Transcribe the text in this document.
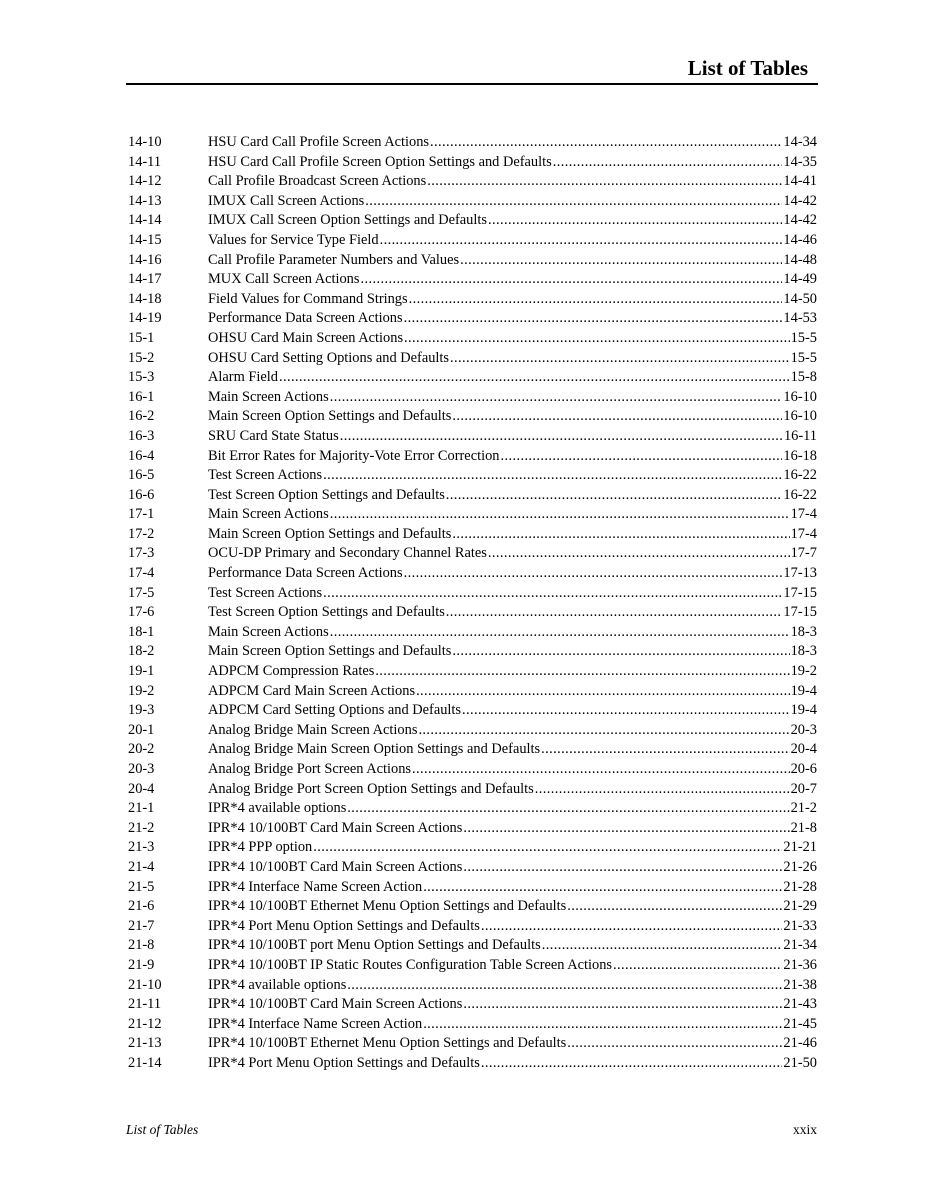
List of Tables
14-10	HSU Card Call Profile Screen Actions . . .	14-34
14-11	HSU Card Call Profile Screen Option Settings and Defaults . . .	14-35
14-12	Call Profile Broadcast Screen Actions . . .	14-41
14-13	IMUX Call Screen Actions . . .	14-42
14-14	IMUX Call Screen Option Settings and Defaults . . .	14-42
14-15	Values for Service Type Field . . .	14-46
14-16	Call Profile Parameter Numbers and Values . . .	14-48
14-17	MUX Call Screen Actions . . .	14-49
14-18	Field Values for Command Strings . . .	14-50
14-19	Performance Data Screen Actions . . .	14-53
15-1	OHSU Card Main Screen Actions . . .	15-5
15-2	OHSU Card Setting Options and Defaults . . .	15-5
15-3	Alarm Field . . .	15-8
16-1	Main Screen Actions . . .	16-10
16-2	Main Screen Option Settings and Defaults . . .	16-10
16-3	SRU Card State Status . . .	16-11
16-4	Bit Error Rates for Majority-Vote Error Correction . . .	16-18
16-5	Test Screen Actions . . .	16-22
16-6	Test Screen Option Settings and Defaults . . .	16-22
17-1	Main Screen Actions . . .	17-4
17-2	Main Screen Option Settings and Defaults . . .	17-4
17-3	OCU-DP Primary and Secondary Channel Rates . . .	17-7
17-4	Performance Data Screen Actions . . .	17-13
17-5	Test Screen Actions . . .	17-15
17-6	Test Screen Option Settings and Defaults . . .	17-15
18-1	Main Screen Actions . . .	18-3
18-2	Main Screen Option Settings and Defaults . . .	18-3
19-1	ADPCM Compression Rates . . .	19-2
19-2	ADPCM Card Main Screen Actions . . .	19-4
19-3	ADPCM Card Setting Options and Defaults . . .	19-4
20-1	Analog Bridge Main Screen Actions . . .	20-3
20-2	Analog Bridge Main Screen Option Settings and Defaults . . .	20-4
20-3	Analog Bridge Port Screen Actions . . .	20-6
20-4	Analog Bridge Port Screen Option Settings and Defaults . . .	20-7
21-1	IPR*4 available options . . .	21-2
21-2	IPR*4 10/100BT Card Main Screen Actions . . .	21-8
21-3	IPR*4 PPP option . . .	21-21
21-4	IPR*4 10/100BT Card Main Screen Actions . . .	21-26
21-5	IPR*4 Interface Name Screen Action . . .	21-28
21-6	IPR*4 10/100BT Ethernet Menu Option Settings and Defaults . . .	21-29
21-7	IPR*4 Port Menu Option Settings and Defaults . . .	21-33
21-8	IPR*4 10/100BT port Menu Option Settings and Defaults . . .	21-34
21-9	IPR*4 10/100BT IP Static Routes Configuration Table Screen Actions . . .	21-36
21-10	IPR*4 available options . . .	21-38
21-11	IPR*4 10/100BT Card Main Screen Actions . . .	21-43
21-12	IPR*4 Interface Name Screen Action . . .	21-45
21-13	IPR*4 10/100BT Ethernet Menu Option Settings and Defaults . . .	21-46
21-14	IPR*4 Port Menu Option Settings and Defaults . . .	21-50
List of Tables	xxix
